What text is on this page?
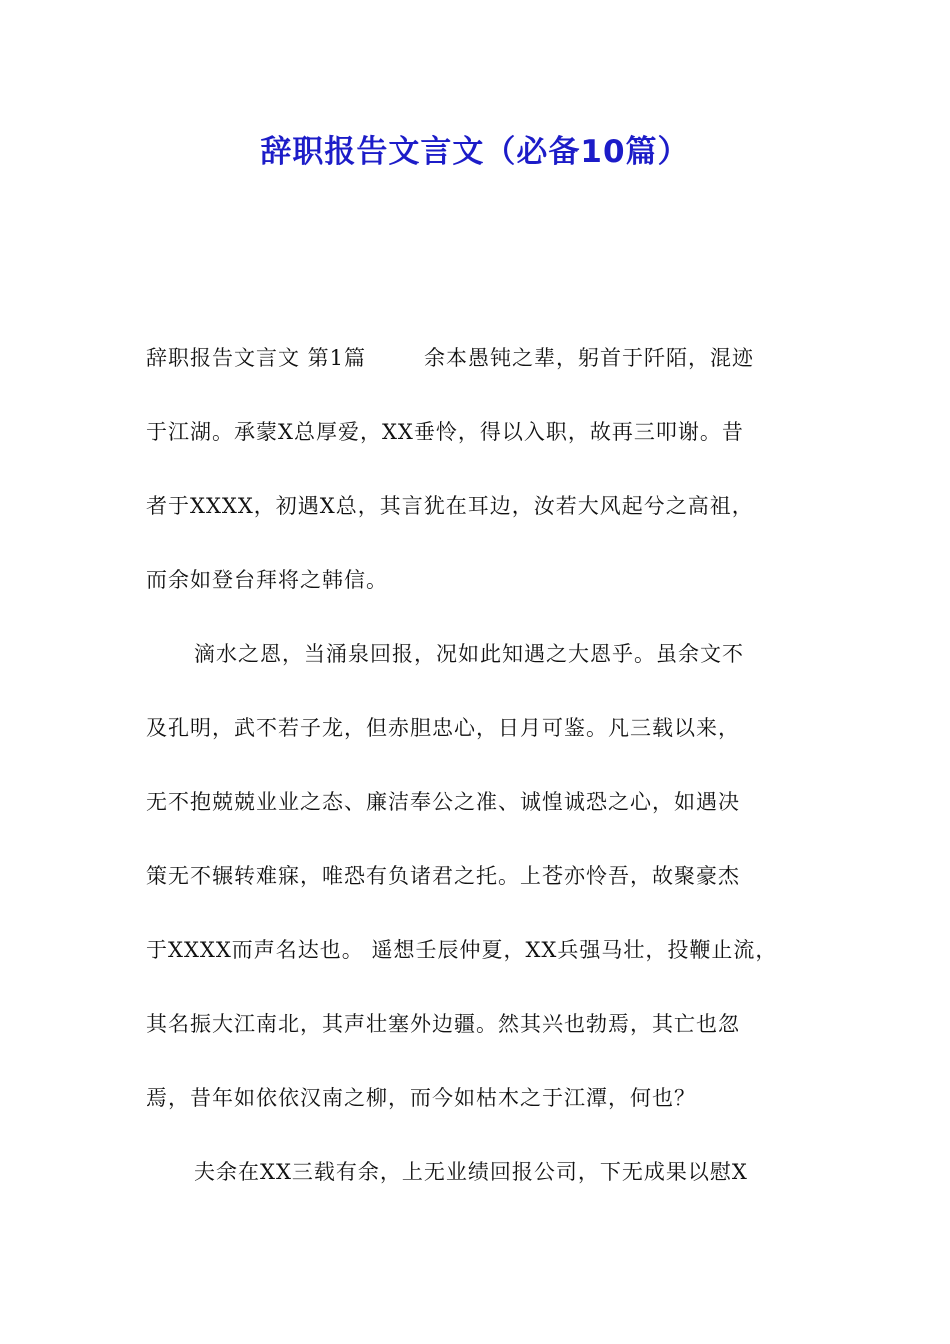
辞职报告文言文（必备10篇）
辞职报告文言文 第1篇	余本愚钝之辈，躬首于阡陌，混迹
于江湖。承蒙X总厚爱，XX垂怜，得以入职，故再三叩谢。昔
者于XXXX，初遇X总，其言犹在耳边，汝若大风起兮之高祖，
而余如登台拜将之韩信。
滴水之恩，当涌泉回报，况如此知遇之大恩乎。虽余文不
及孔明，武不若子龙，但赤胆忠心，日月可鉴。凡三载以来，
无不抱兢兢业业之态、廉洁奉公之准、诚惶诚恐之心，如遇决
策无不辗转难寐，唯恐有负诸君之托。上苍亦怜吾，故聚豪杰
于XXXX而声名达也。 遥想壬辰仲夏，XX兵强马壮，投鞭止流，
其名振大江南北，其声壮塞外边疆。然其兴也勃焉，其亡也忽
焉，昔年如依依汉南之柳，而今如枯木之于江潭，何也？
夫余在XX三载有余，上无业绩回报公司，下无成果以慰X
